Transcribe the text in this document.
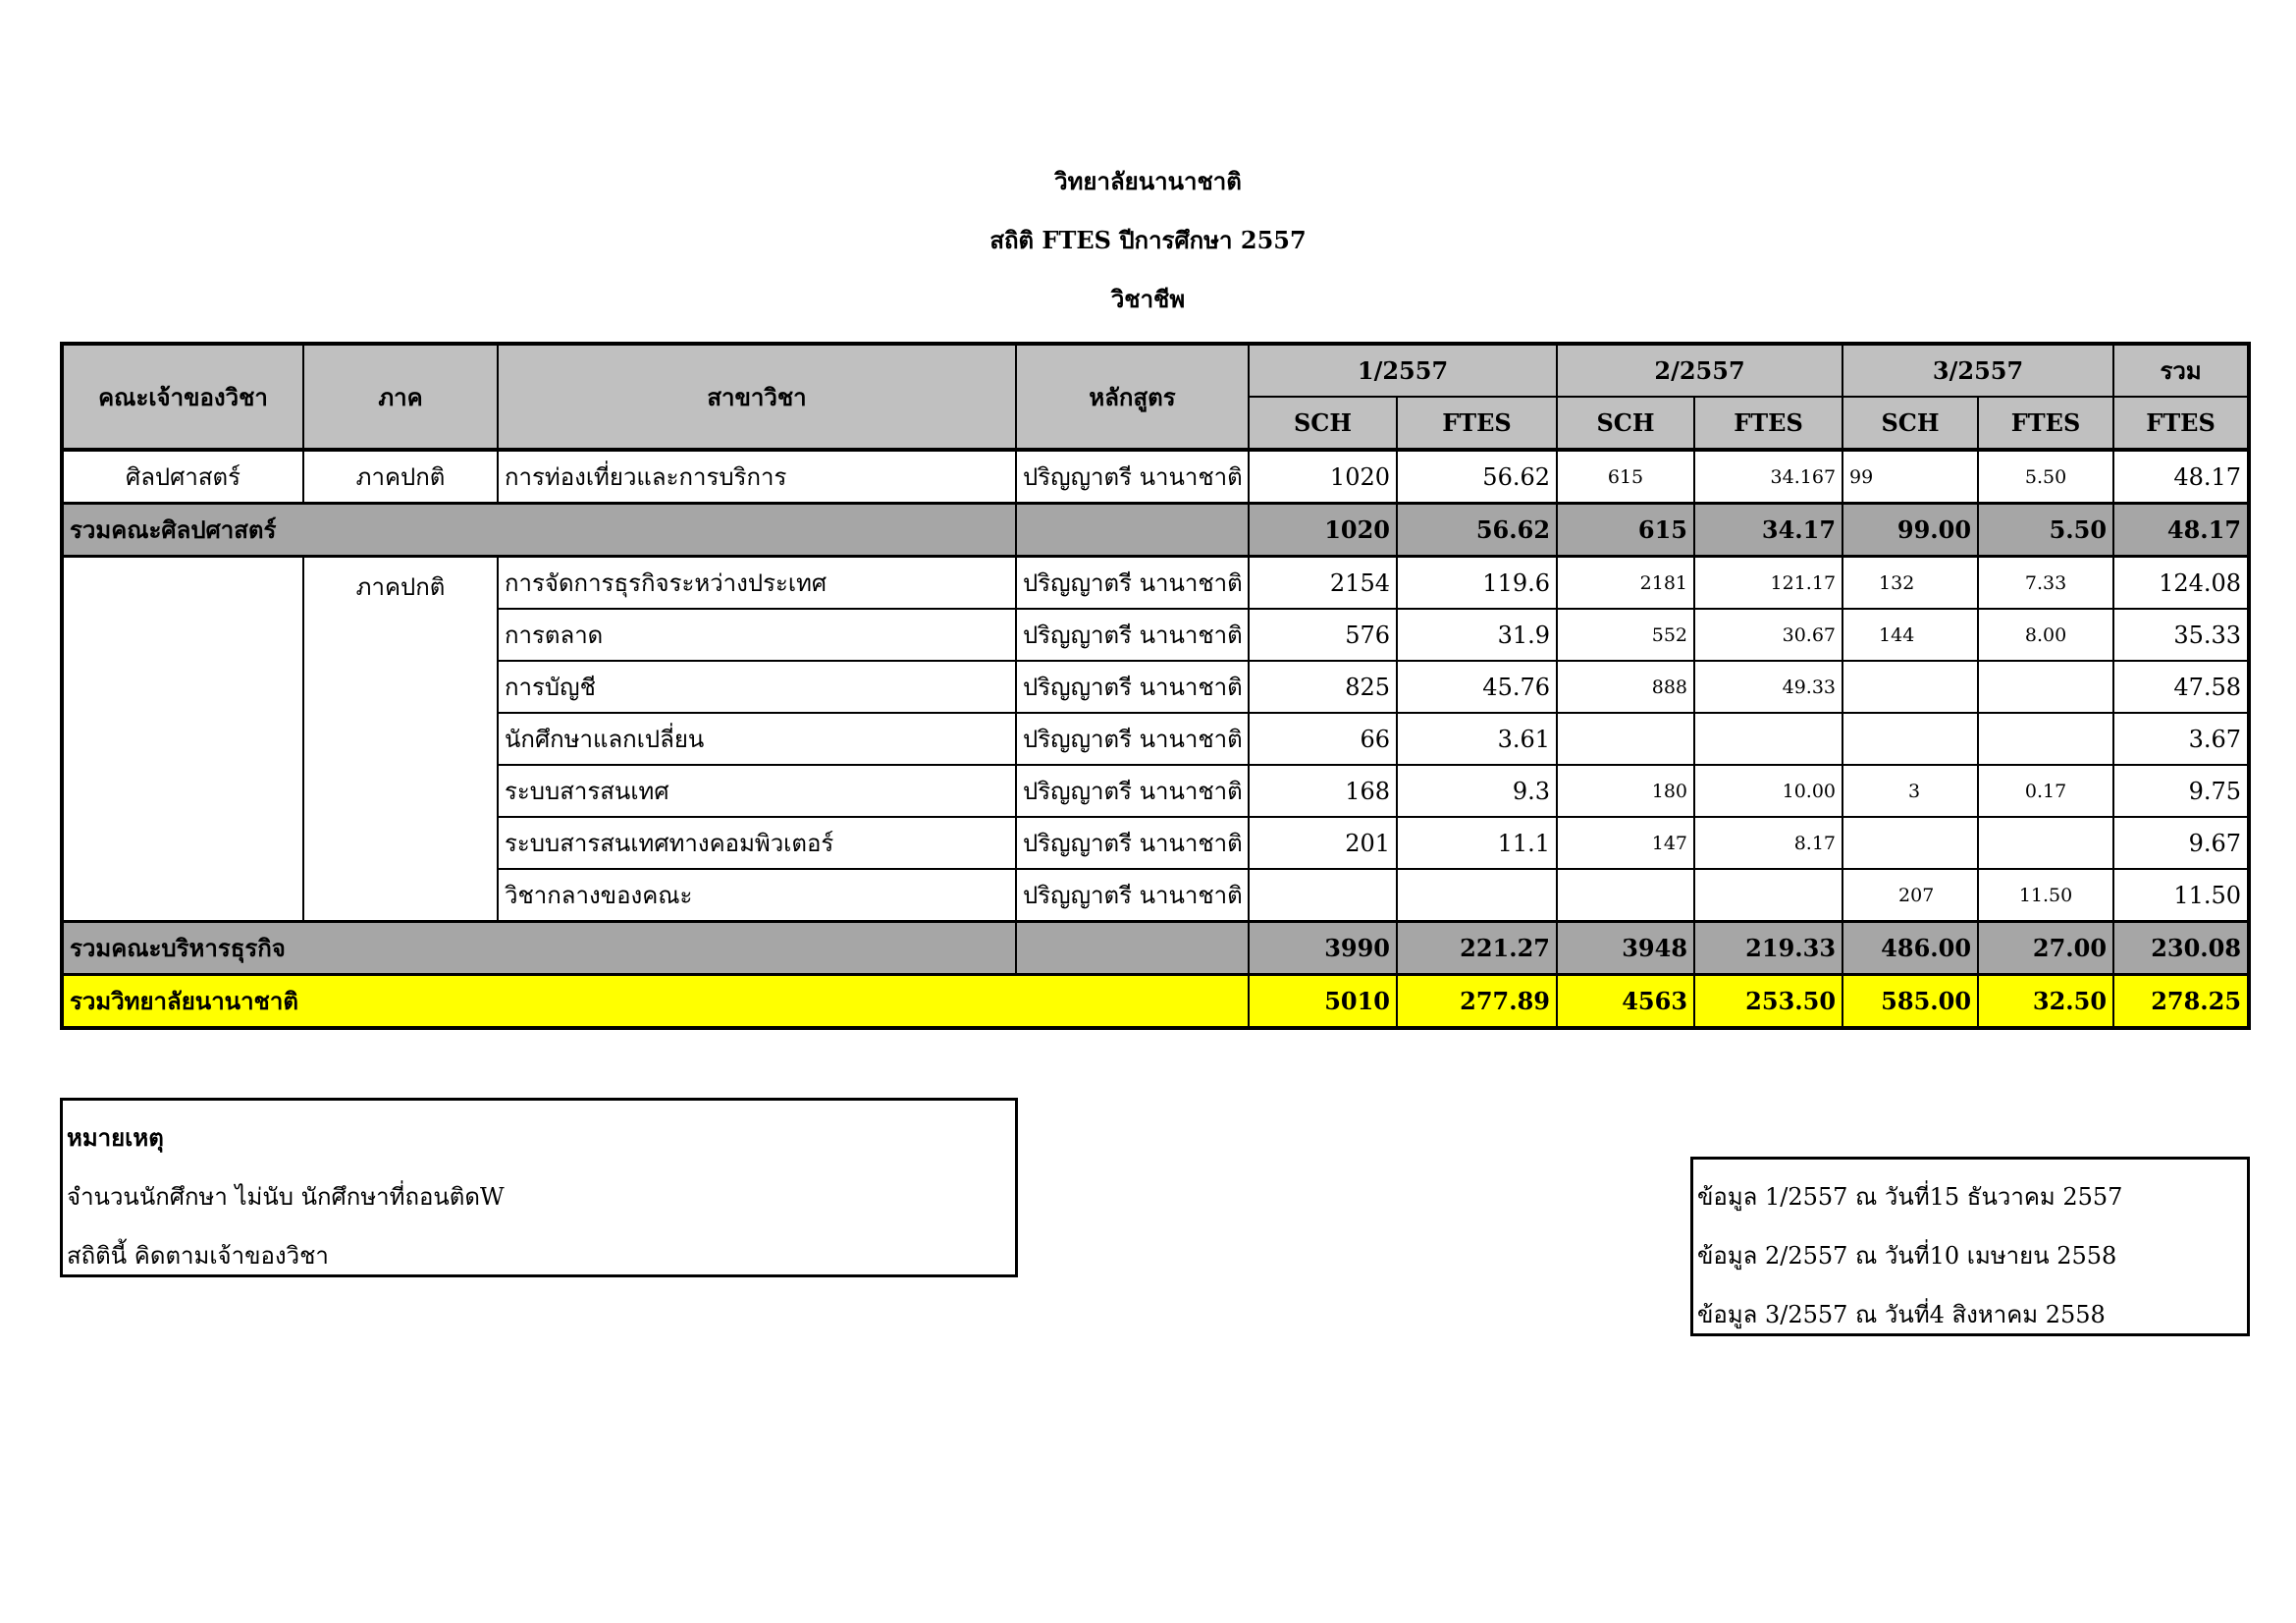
วิทยาลัยนานาชาติ
สถิติ FTES ปีการศึกษา 2557
วิชาชีพ
คณะเจ้าของวิชา	ภาค	สาขาวิชา	หลักสูตร	1/2557		2/2557		3/2557		รวม
				SCH	FTES	SCH	FTES	SCH	FTES	FTES
ศิลปศาสตร์	ภาคปกติ	การท่องเที่ยวและการบริการ	ปริญญาตรี นานาชาติ	1020	56.62	615	34.167	99	5.50	48.17
รวมคณะศิลปศาสตร์				1020	56.62	615	34.17	99.00	5.50	48.17
	ภาคปกติ	การจัดการธุรกิจระหว่างประเทศ	ปริญญาตรี นานาชาติ	2154	119.6	2181	121.17	132	7.33	124.08
		การตลาด	ปริญญาตรี นานาชาติ	576	31.9	552	30.67	144	8.00	35.33
		การบัญชี	ปริญญาตรี นานาชาติ	825	45.76	888	49.33			47.58
		นักศึกษาแลกเปลี่ยน	ปริญญาตรี นานาชาติ	66	3.61					3.67
		ระบบสารสนเทศ	ปริญญาตรี นานาชาติ	168	9.3	180	10.00	3	0.17	9.75
		ระบบสารสนเทศทางคอมพิวเตอร์	ปริญญาตรี นานาชาติ	201	11.1	147	8.17			9.67
		วิชากลางของคณะ	ปริญญาตรี นานาชาติ					207	11.50	11.50
รวมคณะบริหารธุรกิจ				3990	221.27	3948	219.33	486.00	27.00	230.08
รวมวิทยาลัยนานาชาติ				5010	277.89	4563	253.50	585.00	32.50	278.25
หมายเหตุ
จำนวนนักศึกษา ไม่นับ นักศึกษาที่ถอนติดW
สถิตินี้ คิดตามเจ้าของวิชา
ข้อมูล 1/2557 ณ วันที่15 ธันวาคม 2557
ข้อมูล 2/2557 ณ วันที่10 เมษายน 2558
ข้อมูล 3/2557 ณ วันที่4 สิงหาคม 2558
